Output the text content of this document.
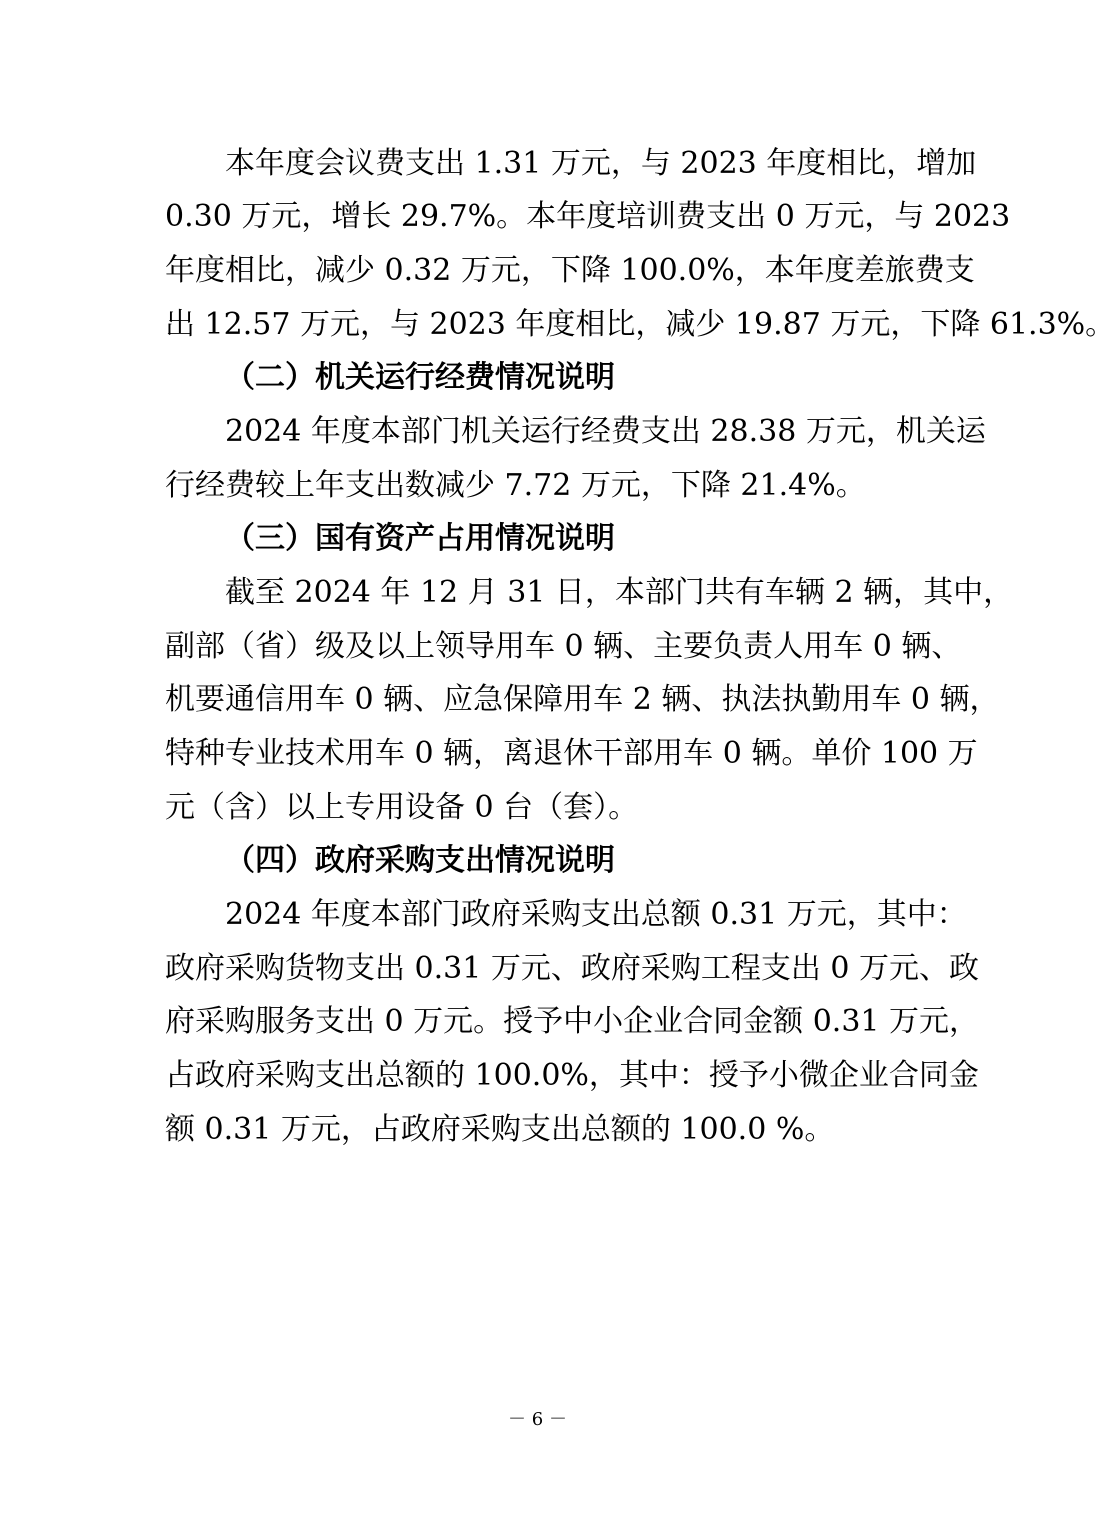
本年度会议费支出 1.31 万元，与 2023 年度相比，增加
0.30 万元，增长 29.7%。本年度培训费支出 0 万元，与 2023
年度相比，减少 0.32 万元，下降 100.0%，本年度差旅费支
出 12.57 万元，与 2023 年度相比，减少 19.87 万元，下降 61.3%。
（二）机关运行经费情况说明
2024 年度本部门机关运行经费支出 28.38 万元，机关运
行经费较上年支出数减少 7.72 万元，下降 21.4%。
（三）国有资产占用情况说明
截至 2024 年 12 月 31 日，本部门共有车辆 2 辆，其中，
副部（省）级及以上领导用车 0 辆、主要负责人用车 0 辆、
机要通信用车 0 辆、应急保障用车 2 辆、执法执勤用车 0 辆，
特种专业技术用车 0 辆，离退休干部用车 0 辆。单价 100 万
元（含）以上专用设备 0 台（套）。
（四）政府采购支出情况说明
2024 年度本部门政府采购支出总额 0.31 万元，其中：
政府采购货物支出 0.31 万元、政府采购工程支出 0 万元、政
府采购服务支出 0 万元。授予中小企业合同金额 0.31 万元，
占政府采购支出总额的 100.0%，其中：授予小微企业合同金
额 0.31 万元，占政府采购支出总额的 100.0 %。
－ 6 －
